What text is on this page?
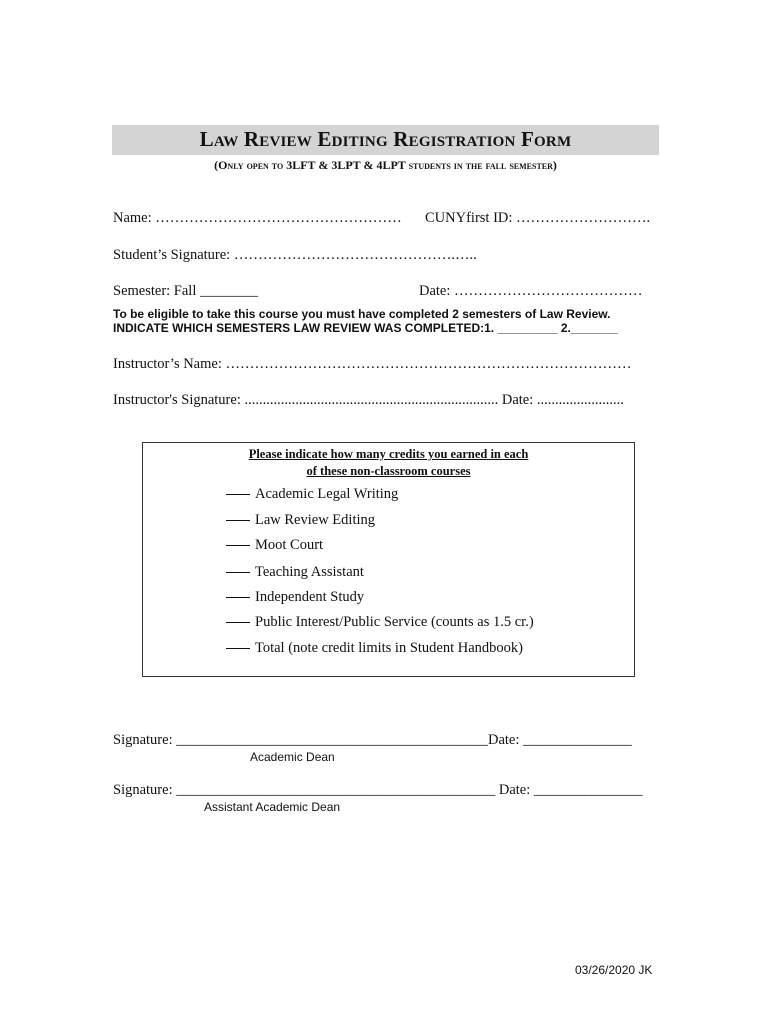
Law Review Editing Registration Form
(Only open to 3LFT & 3LPT & 4LPT students in the fall semester)
Name: …………………………………………… CUNYfirst ID: ……………………….
Student’s Signature: ……………………………………….…..
Semester: Fall ________	Date: …………………………………
To be eligible to take this course you must have completed 2 semesters of Law Review.
INDICATE WHICH SEMESTERS LAW REVIEW WAS COMPLETED:1. _________ 2._______
Instructor’s Name: …………………………………………………………………………
Instructor's Signature: ...................................................................... Date: ........................
Please indicate how many credits you earned in each
of these non-classroom courses
Academic Legal Writing
Law Review Editing
Moot Court
Teaching Assistant
Independent Study
Public Interest/Public Service (counts as 1.5 cr.)
Total (note credit limits in Student Handbook)
Signature: ___________________________________________Date: _______________
Academic Dean
Signature: ____________________________________________ Date: _______________
Assistant Academic Dean
03/26/2020 JK
